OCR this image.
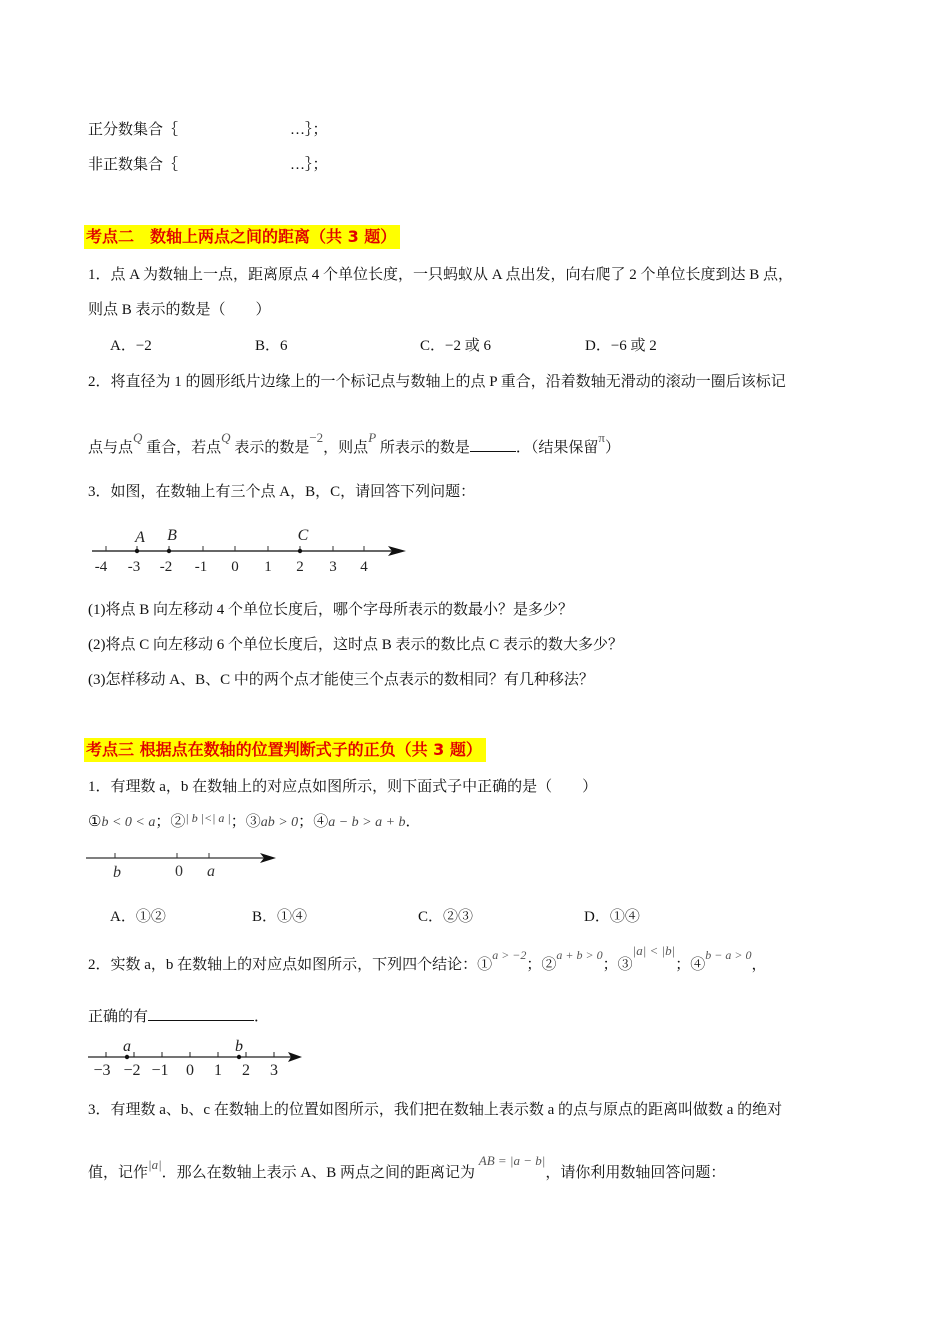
正分数集合｛	…｝；
非正数集合｛	…｝；
考点二　数轴上两点之间的距离（共 3 题）
1．点 A 为数轴上一点，距离原点 4 个单位长度，一只蚂蚁从 A 点出发，向右爬了 2 个单位长度到达 B 点，
则点 B 表示的数是（　　）
A．−2	B．6	C．−2 或 6	D．−6 或 2
2．将直径为 1 的圆形纸片边缘上的一个标记点与数轴上的点 P 重合，沿着数轴无滑动的滚动一圈后该标记
点与点Q 重合，若点Q 表示的数是−2，则点P 所表示的数是	．（结果保留π）
3．如图，在数轴上有三个点 A，B，C，请回答下列问题：
-4 -3 -2 -1 0 1 2 3 4
A B	C
(1)将点 B 向左移动 4 个单位长度后，哪个字母所表示的数最小？是多少？
(2)将点 C 向左移动 6 个单位长度后，这时点 B 表示的数比点 C 表示的数大多少？
(3)怎样移动 A、B、C 中的两个点才能使三个点表示的数相同？有几种移法？
考点三 根据点在数轴的位置判断式子的正负（共 3 题）
1．有理数 a，b 在数轴上的对应点如图所示，则下面式子中正确的是（　　）
①b < 0 < a；②$^{| b |<| a |}$；③ab > 0；④a − b > a + b．
b	0 a
A．①②	B．①④	C．②③	D．①④
2．实数 a，b 在数轴上的对应点如图所示，下列四个结论：①$^{a > -2}$；②$^{a + b > 0}$；③|a| < |b|；④$^{b - a > 0}$，
正确的有	．
−3 −2 −1 0 1 2 3
a	b
3．有理数 a、b、c 在数轴上的位置如图所示，我们把在数轴上表示数 a 的点与原点的距离叫做数 a 的绝对
值，记作|a|．那么在数轴上表示 A、B 两点之间的距离记为 AB = |a − b|，请你利用数轴回答问题：
